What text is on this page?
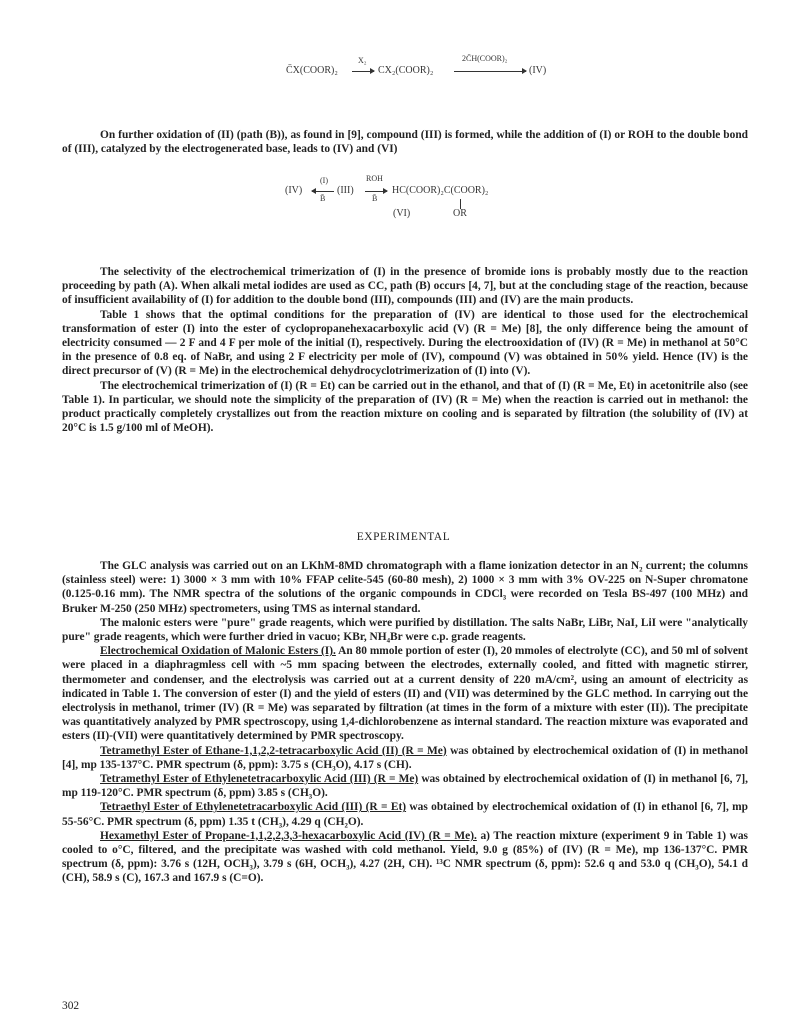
C̄X(COOR)₂
X₂
CX₂(COOR)₂
2C̄H(COOR)₂
(IV)

On further oxidation of (II) (path (B)), as found in [9], compound (III) is formed, while the addition of (I) or ROH to the double bond of (III), catalyzed by the electrogenerated base, leads to (IV) and (VI)

(IV)
(I)
B̄
(III)
ROH
B̄
HC(COOR)₂C(COOR)₂
(VI)	OR

The selectivity of the electrochemical trimerization of (I) in the presence of bromide ions is probably mostly due to the reaction proceeding by path (A). When alkali metal iodides are used as CC, path (B) occurs [4, 7], but at the concluding stage of the reaction, because of insufficient availability of (I) for addition to the double bond (III), compounds (III) and (IV) are the main products.

Table 1 shows that the optimal conditions for the preparation of (IV) are identical to those used for the electrochemical transformation of ester (I) into the ester of cyclopropanehexacarboxylic acid (V) (R = Me) [8], the only difference being the amount of electricity consumed — 2 F and 4 F per mole of the initial (I), respectively. During the electrooxidation of (IV) (R = Me) in methanol at 50°C in the presence of 0.8 eq. of NaBr, and using 2 F electricity per mole of (IV), compound (V) was obtained in 50% yield. Hence (IV) is the direct precursor of (V) (R = Me) in the electrochemical dehydrocyclotrimerization of (I) into (V).

The electrochemical trimerization of (I) (R = Et) can be carried out in the ethanol, and that of (I) (R = Me, Et) in acetonitrile also (see Table 1). In particular, we should note the simplicity of the preparation of (IV) (R = Me) when the reaction is carried out in methanol: the product practically completely crystallizes out from the reaction mixture on cooling and is separated by filtration (the solubility of (IV) at 20°C is 1.5 g/100 ml of MeOH).

EXPERIMENTAL

The GLC analysis was carried out on an LKhM-8MD chromatograph with a flame ionization detector in an N₂ current; the columns (stainless steel) were: 1) 3000 × 3 mm with 10% FFAP celite-545 (60-80 mesh), 2) 1000 × 3 mm with 3% OV-225 on N-Super chromatone (0.125-0.16 mm). The NMR spectra of the solutions of the organic compounds in CDCl₃ were recorded on Tesla BS-497 (100 MHz) and Bruker M-250 (250 MHz) spectrometers, using TMS as internal standard.

The malonic esters were "pure" grade reagents, which were purified by distillation. The salts NaBr, LiBr, NaI, LiI were "analytically pure" grade reagents, which were further dried in vacuo; KBr, NH₄Br were c.p. grade reagents.

Electrochemical Oxidation of Malonic Esters (I). An 80 mmole portion of ester (I), 20 mmoles of electrolyte (CC), and 50 ml of solvent were placed in a diaphragmless cell with ~5 mm spacing between the electrodes, externally cooled, and fitted with magnetic stirrer, thermometer and condenser, and the electrolysis was carried out at a current density of 220 mA/cm², using an amount of electricity as indicated in Table 1. The conversion of ester (I) and the yield of esters (II) and (VII) was determined by the GLC method. In carrying out the electrolysis in methanol, trimer (IV) (R = Me) was separated by filtration (at times in the form of a mixture with ester (II)). The precipitate was quantitatively analyzed by PMR spectroscopy, using 1,4-dichlorobenzene as internal standard. The reaction mixture was evaporated and esters (II)-(VII) were quantitatively determined by PMR spectroscopy.

Tetramethyl Ester of Ethane-1,1,2,2-tetracarboxylic Acid (II) (R = Me) was obtained by electrochemical oxidation of (I) in methanol [4], mp 135-137°C. PMR spectrum (δ, ppm): 3.75 s (CH₃O), 4.17 s (CH).

Tetramethyl Ester of Ethylenetetracarboxylic Acid (III) (R = Me) was obtained by electrochemical oxidation of (I) in methanol [6, 7], mp 119-120°C. PMR spectrum (δ, ppm) 3.85 s (CH₃O).

Tetraethyl Ester of Ethylenetetracarboxylic Acid (III) (R = Et) was obtained by electrochemical oxidation of (I) in ethanol [6, 7], mp 55-56°C. PMR spectrum (δ, ppm) 1.35 t (CH₃), 4.29 q (CH₂O).

Hexamethyl Ester of Propane-1,1,2,2,3,3-hexacarboxylic Acid (IV) (R = Me). a) The reaction mixture (experiment 9 in Table 1) was cooled to o°C, filtered, and the precipitate was washed with cold methanol. Yield, 9.0 g (85%) of (IV) (R = Me), mp 136-137°C. PMR spectrum (δ, ppm): 3.76 s (12H, OCH₃), 3.79 s (6H, OCH₃), 4.27 (2H, CH). ¹³C NMR spectrum (δ, ppm): 52.6 q and 53.0 q (CH₃O), 54.1 d (CH), 58.9 s (C), 167.3 and 167.9 s (C=O).

302
